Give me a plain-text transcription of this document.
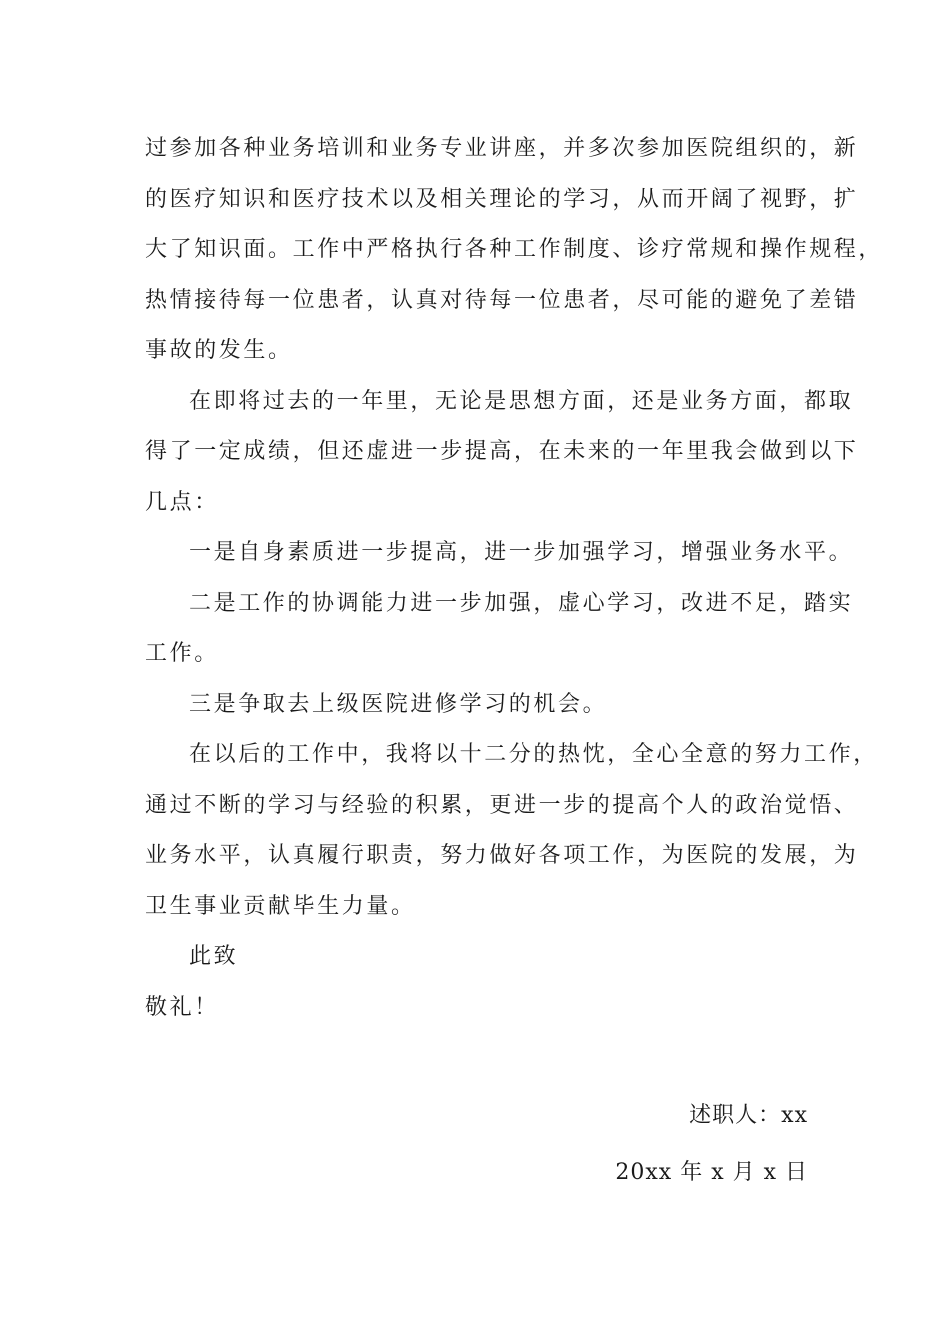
过参加各种业务培训和业务专业讲座，并多次参加医院组织的，新
的医疗知识和医疗技术以及相关理论的学习，从而开阔了视野，扩
大了知识面。工作中严格执行各种工作制度、诊疗常规和操作规程，
热情接待每一位患者，认真对待每一位患者，尽可能的避免了差错
事故的发生。
在即将过去的一年里，无论是思想方面，还是业务方面，都取
得了一定成绩，但还虚进一步提高，在未来的一年里我会做到以下
几点：
一是自身素质进一步提高，进一步加强学习，增强业务水平。
二是工作的协调能力进一步加强，虚心学习，改进不足，踏实
工作。
三是争取去上级医院进修学习的机会。
在以后的工作中，我将以十二分的热忱，全心全意的努力工作，
通过不断的学习与经验的积累，更进一步的提高个人的政治觉悟、
业务水平，认真履行职责，努力做好各项工作，为医院的发展，为
卫生事业贡献毕生力量。
此致
敬礼！
述职人：xx
20xx 年 x 月 x 日
